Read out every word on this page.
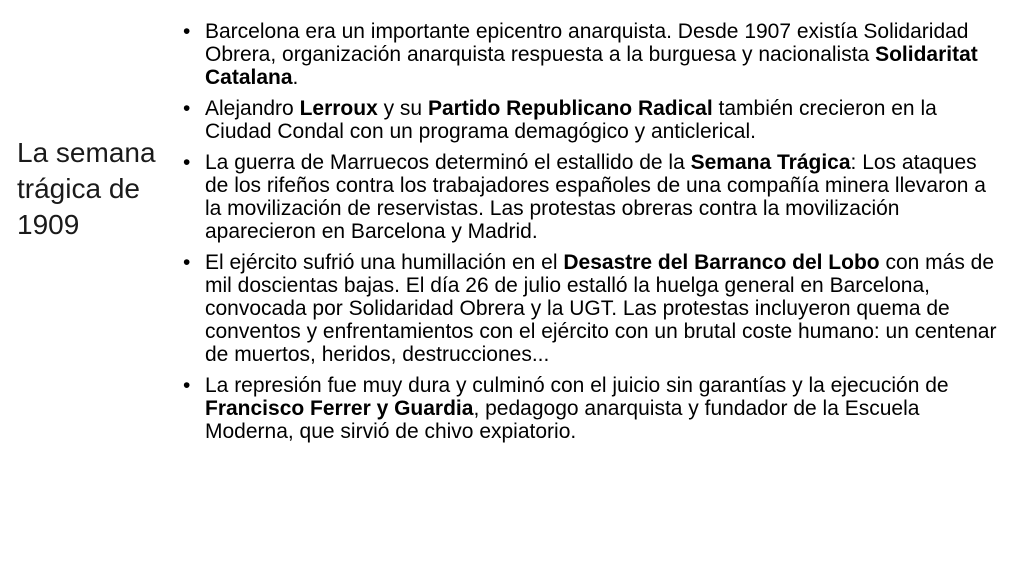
La semana trágica de 1909
• Barcelona era un importante epicentro anarquista. Desde 1907 existía Solidaridad Obrera, organización anarquista respuesta a la burguesa y nacionalista Solidaritat Catalana.
• Alejandro Lerroux y su Partido Republicano Radical también crecieron en la Ciudad Condal con un programa demagógico y anticlerical.
• La guerra de Marruecos determinó el estallido de la Semana Trágica: Los ataques de los rifeños contra los trabajadores españoles de una compañía minera llevaron a la movilización de reservistas. Las protestas obreras contra la movilización aparecieron en Barcelona y Madrid.
• El ejército sufrió una humillación en el Desastre del Barranco del Lobo con más de mil doscientas bajas. El día 26 de julio estalló la huelga general en Barcelona, convocada por Solidaridad Obrera y la UGT. Las protestas incluyeron quema de conventos y enfrentamientos con el ejército con un brutal coste humano: un centenar de muertos, heridos, destrucciones...
• La represión fue muy dura y culminó con el juicio sin garantías y la ejecución de Francisco Ferrer y Guardia, pedagogo anarquista y fundador de la Escuela Moderna, que sirvió de chivo expiatorio.
